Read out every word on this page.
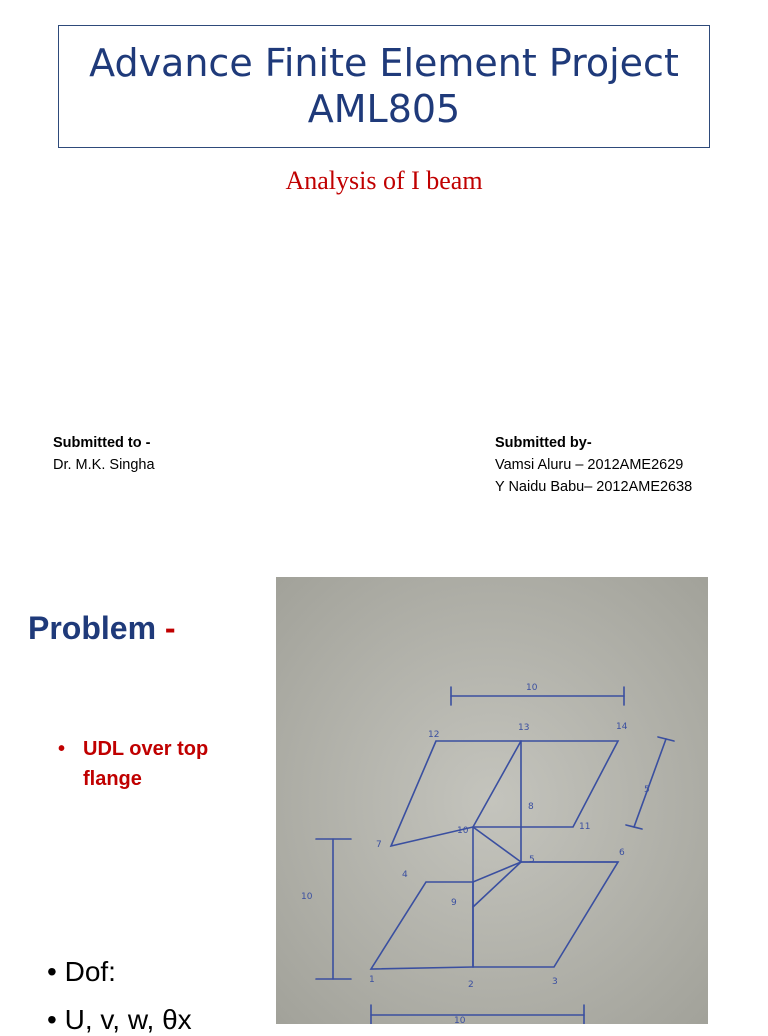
Advance Finite Element Project
AML805
Analysis of I beam
Submitted to -
Dr. M.K. Singha
Submitted by-
Vamsi Aluru – 2012AME2629
Y Naidu Babu– 2012AME2638
Problem -
• UDL over top flange
• Dof:
• U, v, w, θx
1	2	3
4
5
6
7
8
9
10	11
12
13	14
10
5
10
10
